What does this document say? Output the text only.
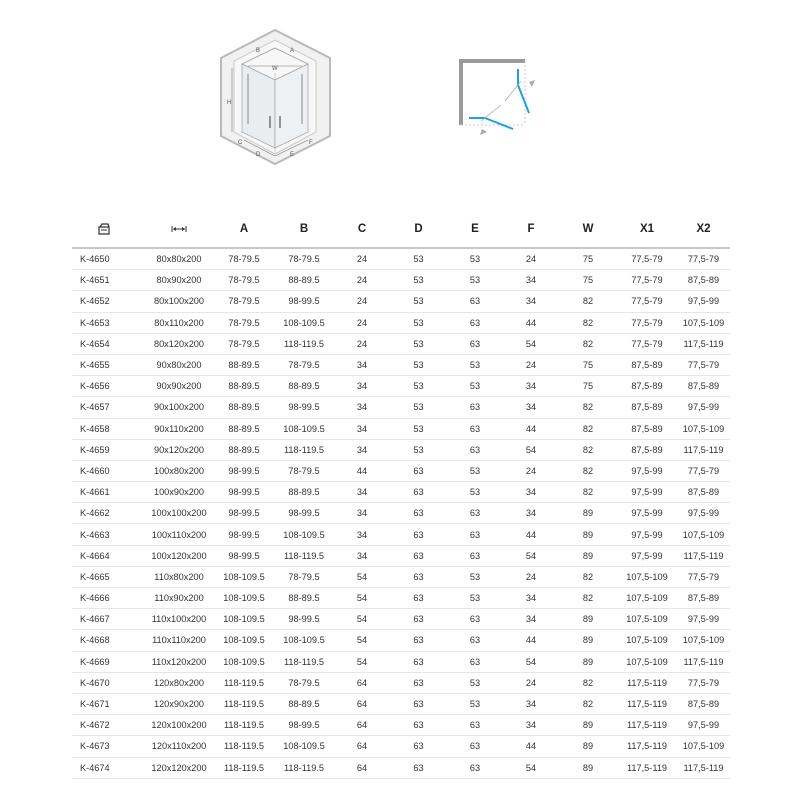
B	A
W
H
C
D	E
F
		A	B	C	D	E	F	W	X1	X2
K-4650	80x80x200	78-79.5	78-79.5	24	53	53	24	75	77,5-79	77,5-79
K-4651	80x90x200	78-79.5	88-89.5	24	53	53	34	75	77,5-79	87,5-89
K-4652	80x100x200	78-79.5	98-99.5	24	53	63	34	82	77,5-79	97,5-99
K-4653	80x110x200	78-79.5	108-109.5	24	53	63	44	82	77,5-79	107,5-109
K-4654	80x120x200	78-79.5	118-119.5	24	53	63	54	82	77,5-79	117,5-119
K-4655	90x80x200	88-89.5	78-79.5	34	53	53	24	75	87,5-89	77,5-79
K-4656	90x90x200	88-89.5	88-89.5	34	53	53	34	75	87,5-89	87,5-89
K-4657	90x100x200	88-89.5	98-99.5	34	53	63	34	82	87,5-89	97,5-99
K-4658	90x110x200	88-89.5	108-109.5	34	53	63	44	82	87,5-89	107,5-109
K-4659	90x120x200	88-89.5	118-119.5	34	53	63	54	82	87,5-89	117,5-119
K-4660	100x80x200	98-99.5	78-79.5	44	63	53	24	82	97,5-99	77,5-79
K-4661	100x90x200	98-99.5	88-89.5	34	63	53	34	82	97,5-99	87,5-89
K-4662	100x100x200	98-99.5	98-99.5	34	63	63	34	89	97,5-99	97,5-99
K-4663	100x110x200	98-99.5	108-109.5	34	63	63	44	89	97,5-99	107,5-109
K-4664	100x120x200	98-99.5	118-119.5	34	63	63	54	89	97,5-99	117,5-119
K-4665	110x80x200	108-109.5	78-79.5	54	63	53	24	82	107,5-109	77,5-79
K-4666	110x90x200	108-109.5	88-89.5	54	63	53	34	82	107,5-109	87,5-89
K-4667	110x100x200	108-109.5	98-99.5	54	63	63	34	89	107,5-109	97,5-99
K-4668	110x110x200	108-109.5	108-109.5	54	63	63	44	89	107,5-109	107,5-109
K-4669	110x120x200	108-109.5	118-119.5	54	63	63	54	89	107,5-109	117,5-119
K-4670	120x80x200	118-119.5	78-79.5	64	63	53	24	82	117,5-119	77,5-79
K-4671	120x90x200	118-119.5	88-89.5	64	63	53	34	82	117,5-119	87,5-89
K-4672	120x100x200	118-119.5	98-99.5	64	63	63	34	89	117,5-119	97,5-99
K-4673	120x110x200	118-119.5	108-109.5	64	63	63	44	89	117,5-119	107,5-109
K-4674	120x120x200	118-119.5	118-119.5	64	63	63	54	89	117,5-119	117,5-119
